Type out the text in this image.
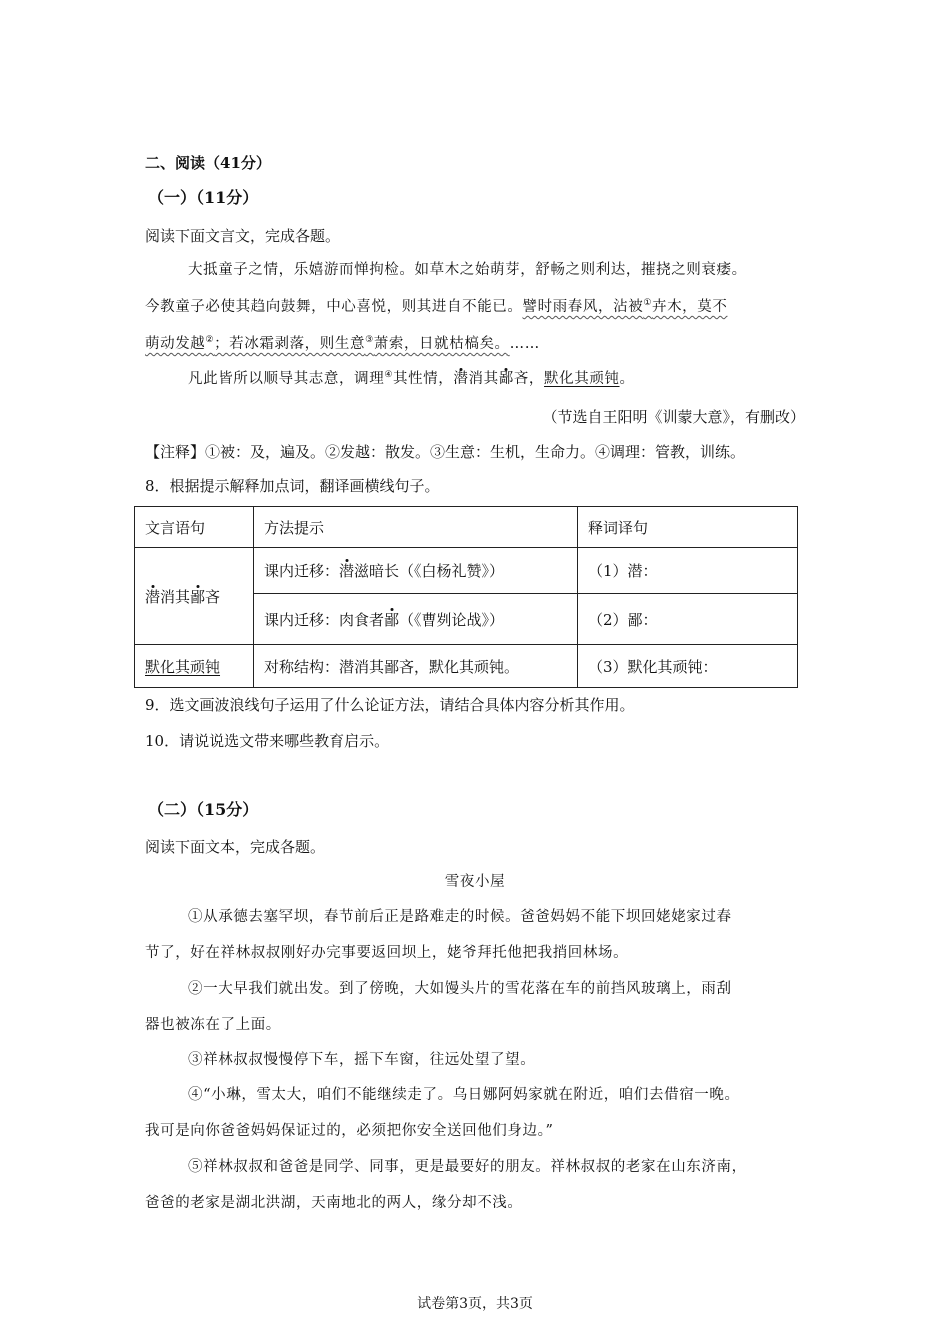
二、阅读（41分）
（一）（11分）
阅读下面文言文，完成各题。
大抵童子之情，乐嬉游而惮拘检。如草木之始萌芽，舒畅之则利达，摧挠之则衰痿。
今教童子必使其趋向鼓舞，中心喜悦，则其进自不能已。譬时雨春风，沾被①卉木，莫不
萌动发越②；若冰霜剥落，则生意③萧索，日就枯槁矣。……
凡此皆所以顺导其志意，调理④其性情，潜消其鄙吝，默化其顽钝。
（节选自王阳明《训蒙大意》，有删改）
【注释】①被：及，遍及。②发越：散发。③生意：生机，生命力。④调理：管教，训练。
8．根据提示解释加点词，翻译画横线句子。
文言语句	方法提示	释词译句
潜消其鄙吝	课内迁移：潜滋暗长（《白杨礼赞》）	（1）潜：
	课内迁移：肉食者鄙（《曹刿论战》）	（2）鄙：
默化其顽钝	对称结构：潜消其鄙吝，默化其顽钝。	（3）默化其顽钝：
9．选文画波浪线句子运用了什么论证方法，请结合具体内容分析其作用。
10．请说说选文带来哪些教育启示。
（二）（15分）
阅读下面文本，完成各题。
雪夜小屋
①从承德去塞罕坝，春节前后正是路难走的时候。爸爸妈妈不能下坝回姥姥家过春
节了，好在祥林叔叔刚好办完事要返回坝上，姥爷拜托他把我捎回林场。
②一大早我们就出发。到了傍晚，大如馒头片的雪花落在车的前挡风玻璃上，雨刮
器也被冻在了上面。
③祥林叔叔慢慢停下车，摇下车窗，往远处望了望。
④“小琳，雪太大，咱们不能继续走了。乌日娜阿妈家就在附近，咱们去借宿一晚。
我可是向你爸爸妈妈保证过的，必须把你安全送回他们身边。”
⑤祥林叔叔和爸爸是同学、同事，更是最要好的朋友。祥林叔叔的老家在山东济南，
爸爸的老家是湖北洪湖，天南地北的两人，缘分却不浅。
试卷第3页，共3页
